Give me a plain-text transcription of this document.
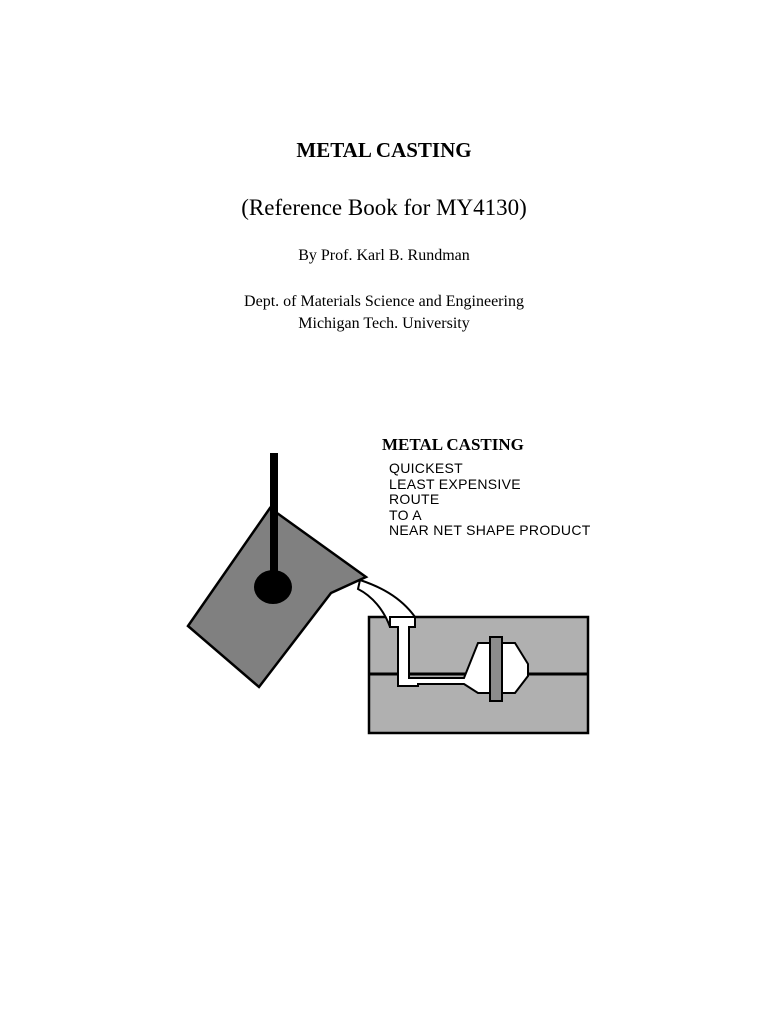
METAL CASTING
(Reference Book for MY4130)
By Prof. Karl B. Rundman
Dept. of Materials Science and Engineering
Michigan Tech. University
METAL CASTING
QUICKEST
LEAST EXPENSIVE
ROUTE
TO A
NEAR NET SHAPE PRODUCT
